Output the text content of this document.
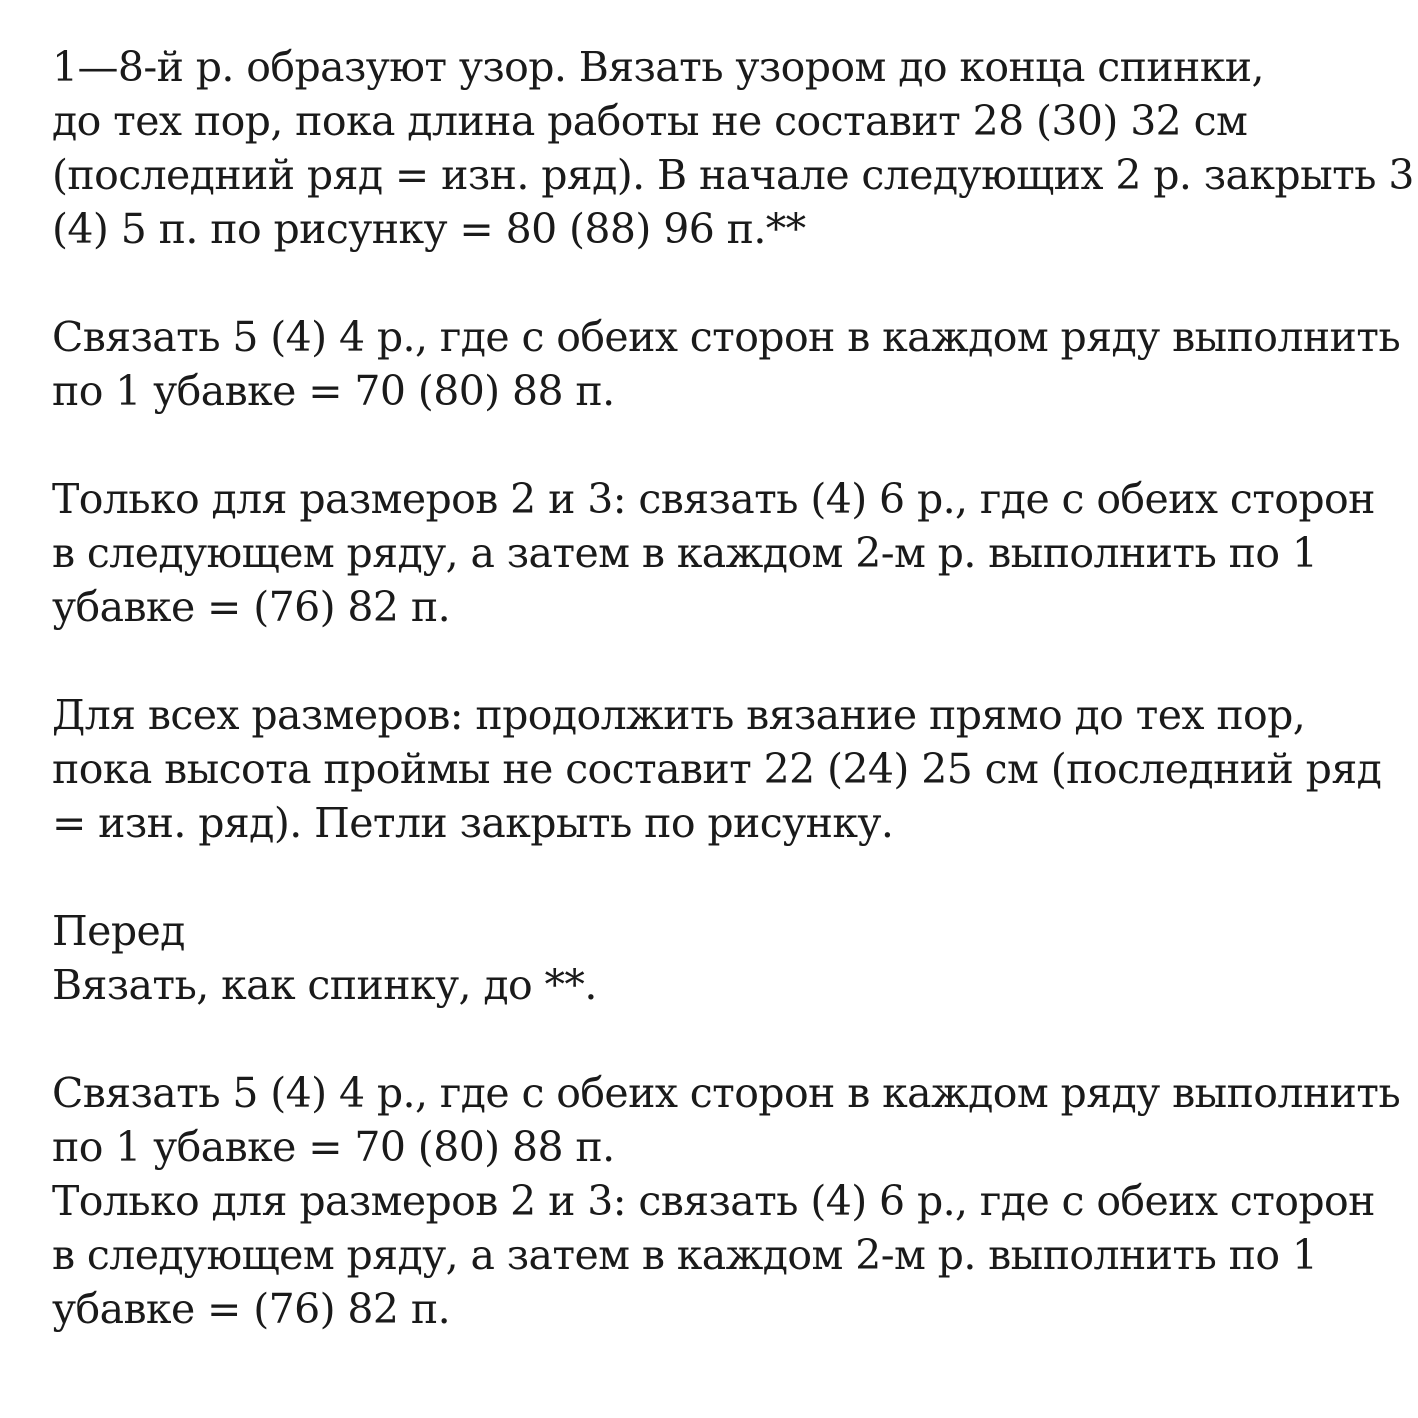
1—8-й р. образуют узор. Вязать узором до конца спинки,
до тех пор, пока длина работы не составит 28 (30) 32 см
(последний ряд = изн. ряд). В начале следующих 2 р. закрыть 3
(4) 5 п. по рисунку = 80 (88) 96 п.**
Связать 5 (4) 4 р., где с обеих сторон в каждом ряду выполнить
по 1 убавке = 70 (80) 88 п.
Только для размеров 2 и 3: связать (4) 6 р., где с обеих сторон
в следующем ряду, а затем в каждом 2-м р. выполнить по 1
убавке = (76) 82 п.
Для всех размеров: продолжить вязание прямо до тех пор,
пока высота проймы не составит 22 (24) 25 см (последний ряд
= изн. ряд). Петли закрыть по рисунку.
Перед
Вязать, как спинку, до **.
Связать 5 (4) 4 р., где с обеих сторон в каждом ряду выполнить
по 1 убавке = 70 (80) 88 п.
Только для размеров 2 и 3: связать (4) 6 р., где с обеих сторон
в следующем ряду, а затем в каждом 2-м р. выполнить по 1
убавке = (76) 82 п.
